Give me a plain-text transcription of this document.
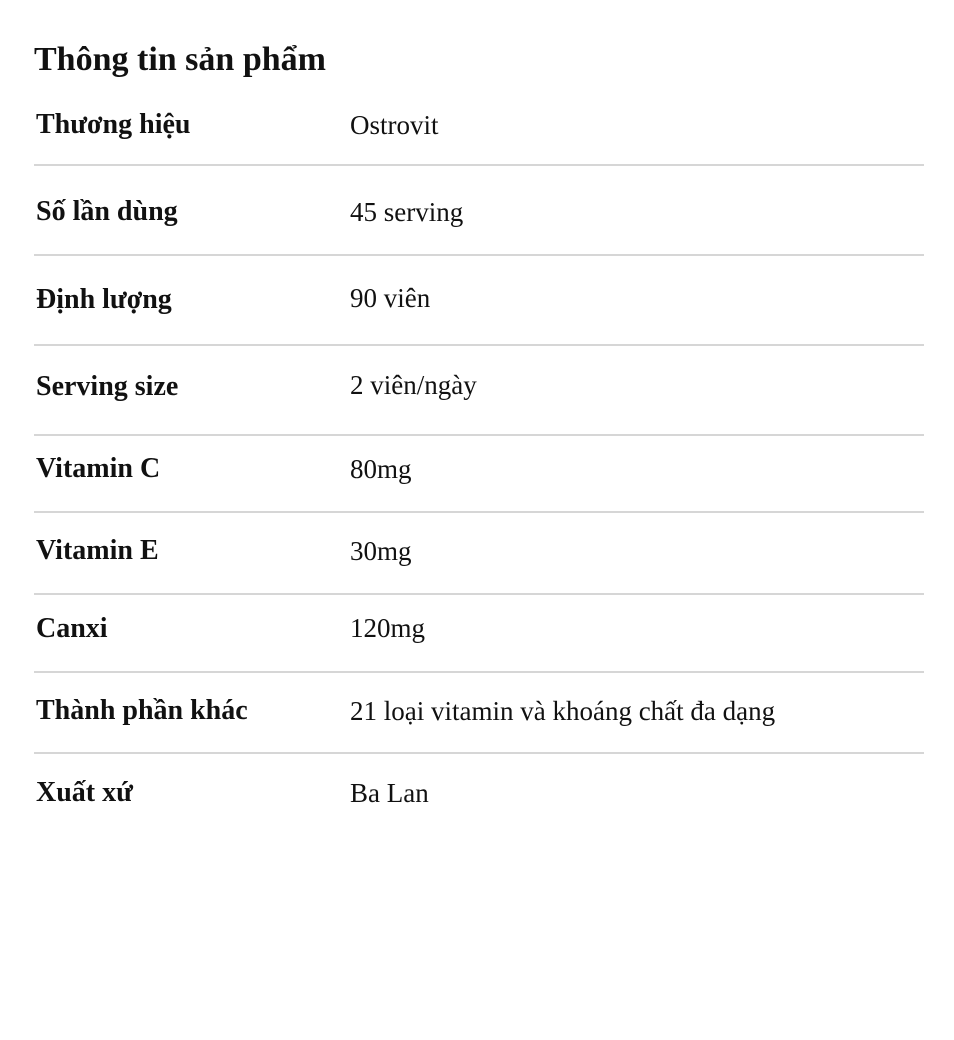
Thông tin sản phẩm
Thương hiệu	Ostrovit
Số lần dùng	45 serving
Định lượng	90 viên
Serving size	2 viên/ngày
Vitamin C	80mg
Vitamin E	30mg
Canxi	120mg
Thành phần khác	21 loại vitamin và khoáng chất đa dạng
Xuất xứ	Ba Lan
